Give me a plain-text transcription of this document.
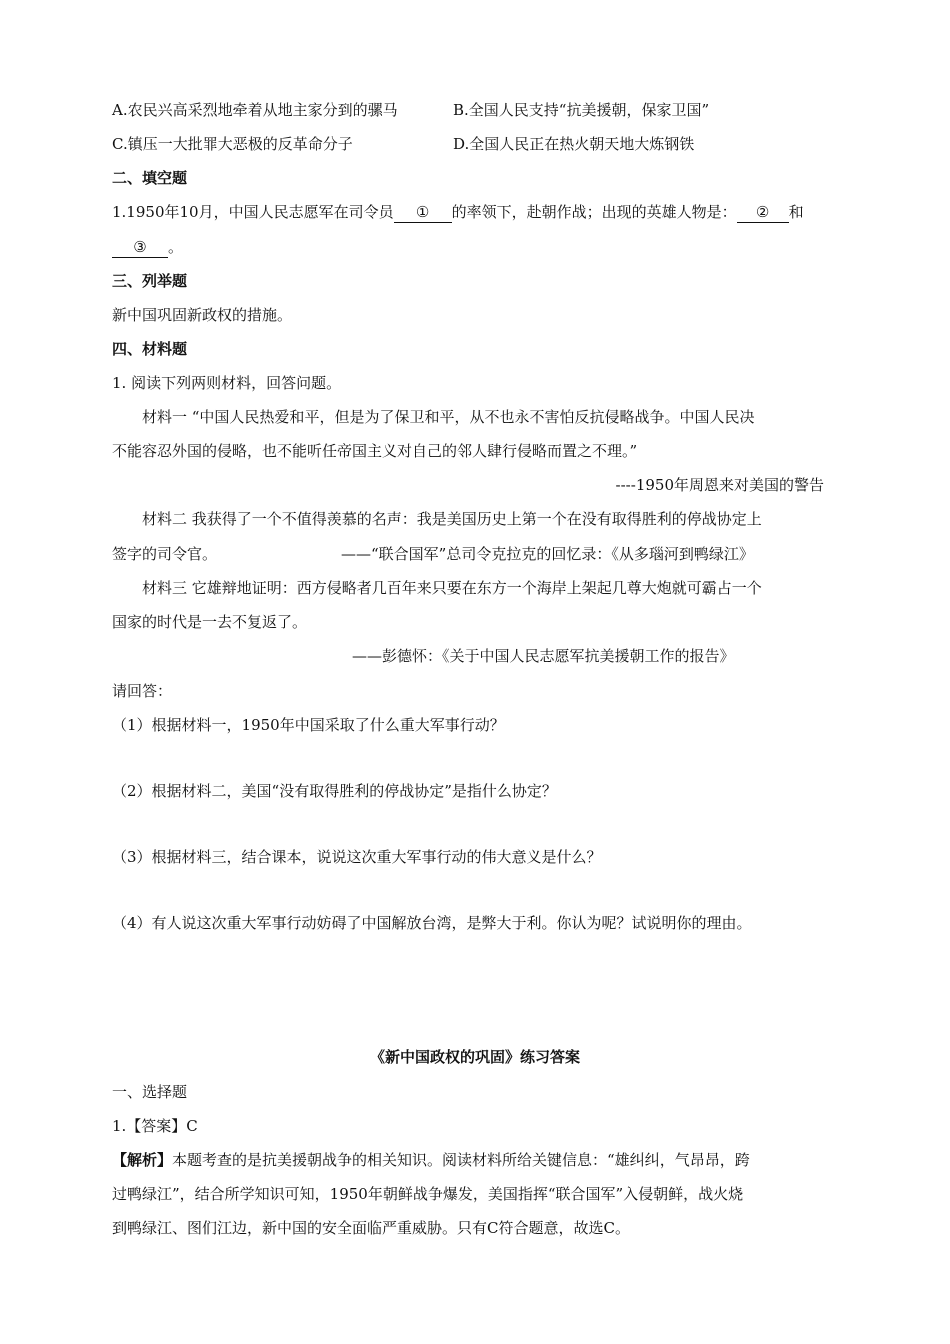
A.农民兴高采烈地牵着从地主家分到的骡马	B.全国人民支持“抗美援朝，保家卫国”
C.镇压一大批罪大恶极的反革命分子	D.全国人民正在热火朝天地大炼钢铁
二、填空题
1.1950年10月，中国人民志愿军在司令员 ① 的率领下，赴朝作战；出现的英雄人物是： ② 和
③ 。
三、列举题
新中国巩固新政权的措施。
四、材料题
1. 阅读下列两则材料，回答问题。
材料一 “中国人民热爱和平，但是为了保卫和平，从不也永不害怕反抗侵略战争。中国人民决
不能容忍外国的侵略，也不能听任帝国主义对自己的邻人肆行侵略而置之不理。”
----1950年周恩来对美国的警告
材料二 我获得了一个不值得羡慕的名声：我是美国历史上第一个在没有取得胜利的停战协定上
签字的司令官。	——“联合国军”总司令克拉克的回忆录：《从多瑙河到鸭绿江》
材料三 它雄辩地证明：西方侵略者几百年来只要在东方一个海岸上架起几尊大炮就可霸占一个
国家的时代是一去不复返了。
——彭德怀：《关于中国人民志愿军抗美援朝工作的报告》
请回答：
（1）根据材料一，1950年中国采取了什么重大军事行动？
（2）根据材料二，美国“没有取得胜利的停战协定”是指什么协定？
（3）根据材料三，结合课本，说说这次重大军事行动的伟大意义是什么？
（4）有人说这次重大军事行动妨碍了中国解放台湾，是弊大于利。你认为呢？试说明你的理由。
《新中国政权的巩固》练习答案
一、选择题
1.【答案】C
【解析】本题考查的是抗美援朝战争的相关知识。阅读材料所给关键信息：“雄纠纠，气昂昂，跨
过鸭绿江”，结合所学知识可知，1950年朝鲜战争爆发，美国指挥“联合国军”入侵朝鲜，战火烧
到鸭绿江、图们江边，新中国的安全面临严重威胁。只有C符合题意，故选C。
